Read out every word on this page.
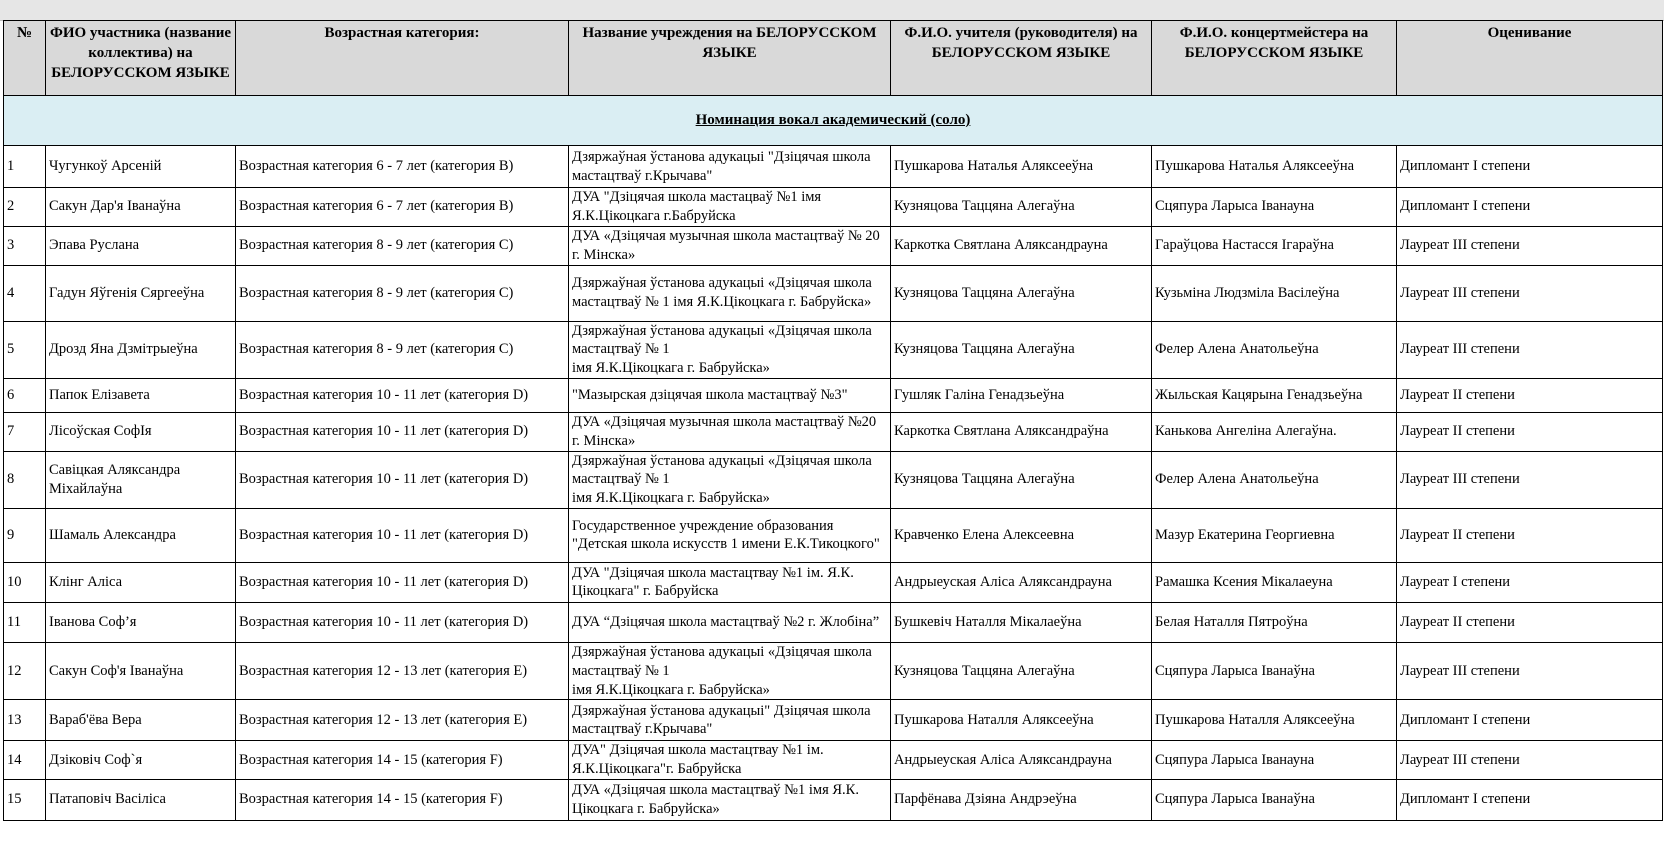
№	ФИО участника (название коллектива) на БЕЛОРУССКОМ ЯЗЫКЕ	Возрастная категория:	Название учреждения на БЕЛОРУССКОМ ЯЗЫКЕ	Ф.И.О. учителя (руководителя) на БЕЛОРУССКОМ ЯЗЫКЕ	Ф.И.О. концертмейстера на БЕЛОРУССКОМ ЯЗЫКЕ	Оценивание
Номинация вокал академический (соло)						
1	Чугункоў Арсеній	Возрастная категория 6 - 7 лет (категория В)	Дзяржаўная ўстанова адукацыі "Дзіцячая школа мастацтваў г.Крычава"	Пушкарова Наталья Аляксееўна	Пушкарова Наталья Аляксееўна	Дипломант I степени
2	Сакун Дар'я Іванаўна	Возрастная категория 6 - 7 лет (категория В)	ДУА "Дзіцячая школа мастацваў №1 імя Я.К.Цікоцкага г.Бабруйска	Кузняцова Таццяна Алегаўна	Сцяпура Ларыса Іванауна	Дипломант I степени
3	Эпава Руслана	Возрастная категория 8 - 9 лет (категория С)	ДУА «Дзіцячая музычная школа мастацтваў № 20 г. Мінска»	Каркотка Святлана Аляксандрауна	Гараўцова Настасся Ігараўна	Лауреат III степени
4	Гадун Яўгенія Сяргееўна	Возрастная категория 8 - 9 лет (категория С)	Дзяржаўная ўстанова адукацыі «Дзіцячая школа мастацтваў № 1 імя Я.К.Цікоцкага г. Бабруйска»	Кузняцова Таццяна Алегаўна	Кузьміна Людзміла Васілеўна	Лауреат III степени
5	Дрозд Яна Дзмітрыеўна	Возрастная категория 8 - 9 лет (категория С)	Дзяржаўная ўстанова адукацыі «Дзіцячая школа мастацтваў № 1
імя Я.К.Цікоцкага г. Бабруйска»	Кузняцова Таццяна Алегаўна	Фелер Алена Анатольеўна	Лауреат III степени
6	Папок Елізавета	Возрастная категория 10 - 11 лет (категория D)	"Мазырская дзіцячая школа мастацтваў №3"	Гушляк Галіна Генадзьеўна	Жыльская Кацярына Генадзьеўна	Лауреат II степени
7	Лісоўская СофІя	Возрастная категория 10 - 11 лет (категория D)	ДУА «Дзіцячая музычная школа мастацтваў №20 г. Мінска»	Каркотка Святлана Аляксандраўна	Канькова Ангеліна Алегаўна.	Лауреат II степени
8	Савіцкая Аляксандра Міхайлаўна	Возрастная категория 10 - 11 лет (категория D)	Дзяржаўная ўстанова адукацыі «Дзіцячая школа мастацтваў № 1
імя Я.К.Цікоцкага г. Бабруйска»	Кузняцова Таццяна Алегаўна	Фелер Алена Анатольеўна	Лауреат III степени
9	Шамаль Александра	Возрастная категория 10 - 11 лет (категория D)	Государственное учреждение образования "Детская школа искусств 1 имени Е.К.Тикоцкого"	Кравченко Елена Алексеевна	Мазур Екатерина Георгиевна	Лауреат II степени
10	Клінг Аліса	Возрастная категория 10 - 11 лет (категория D)	ДУА "Дзіцячая школа мастацтвау №1 ім. Я.К. Цікоцкага" г. Бабруйска	Андрыеуская Аліса Аляксандрауна	Рамашка Ксения Мікалаеуна	Лауреат I степени
11	Іванова Соф’я	Возрастная категория 10 - 11 лет (категория D)	ДУА “Дзіцячая школа мастацтваў №2 г. Жлобіна”	Бушкевіч Наталля Мікалаеўна	Белая Наталля Пятроўна	Лауреат II степени
12	Сакун Соф'я Іванаўна	Возрастная категория 12 - 13 лет (категория Е)	Дзяржаўная ўстанова адукацыі «Дзіцячая школа мастацтваў № 1
імя Я.К.Цікоцкага г. Бабруйска»	Кузняцова Таццяна Алегаўна	Сцяпура Ларыса Іванаўна	Лауреат III степени
13	Вараб'ёва Вера	Возрастная категория 12 - 13 лет (категория Е)	Дзяржаўная ўстанова адукацыі" Дзіцячая школа мастацтваў г.Крычава"	Пушкарова Наталля Аляксееўна	Пушкарова Наталля Аляксееўна	Дипломант I степени
14	Дзіковіч Соф`я	Возрастная категория 14 - 15 (категория F)	ДУА" Дзіцячая школа мастацтвау №1 ім. Я.К.Цікоцкага"г. Бабруйска	Андрыеуская Аліса Аляксандрауна	Сцяпура Ларыса Іванауна	Лауреат III степени
15	Патаповіч Васіліса	Возрастная категория 14 - 15 (категория F)	ДУА «Дзіцячая школа мастацтваў №1 імя Я.К. Цікоцкага г. Бабруйска»	Парфёнава Дзіяна Андрэеўна	Сцяпура Ларыса Іванаўна	Дипломант I степени
